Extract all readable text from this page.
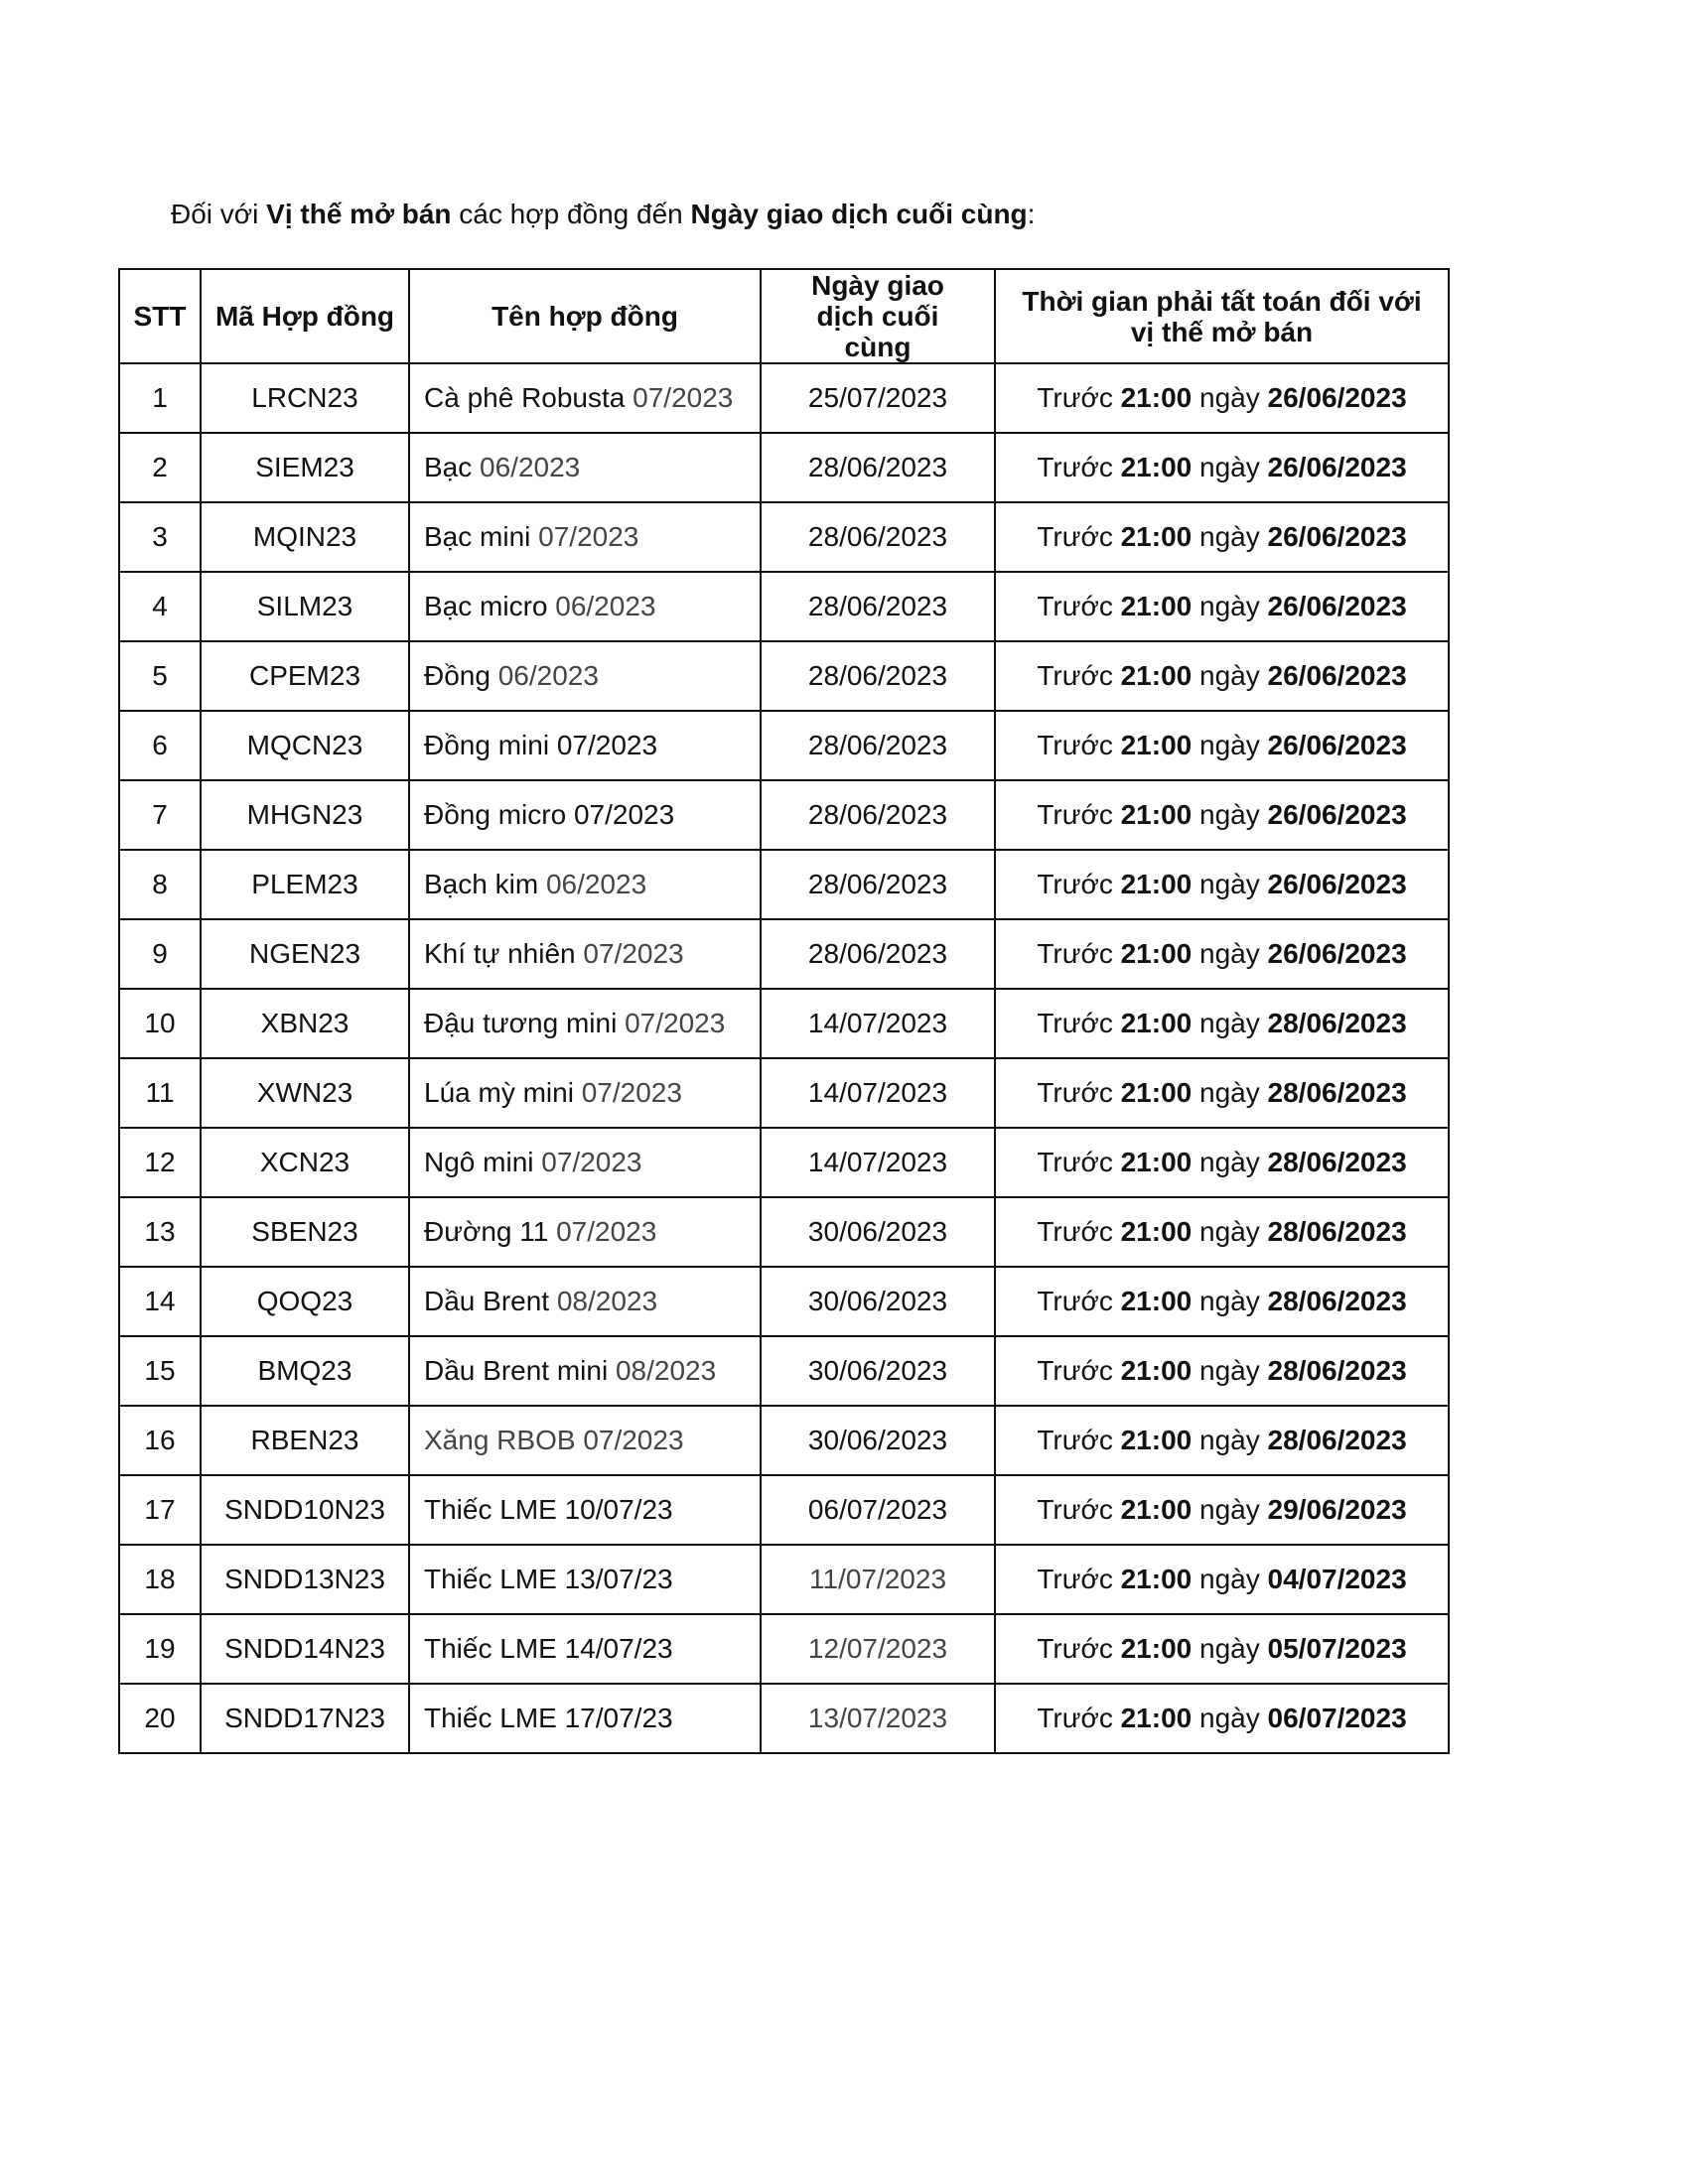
Đối với Vị thế mở bán các hợp đồng đến Ngày giao dịch cuối cùng:
STT	Mã Hợp đồng	Tên hợp đồng	Ngày giao dịch cuối cùng	Thời gian phải tất toán đối với vị thế mở bán
1	LRCN23	Cà phê Robusta 07/2023	25/07/2023	Trước 21:00 ngày 26/06/2023
2	SIEM23	Bạc 06/2023	28/06/2023	Trước 21:00 ngày 26/06/2023
3	MQIN23	Bạc mini 07/2023	28/06/2023	Trước 21:00 ngày 26/06/2023
4	SILM23	Bạc micro 06/2023	28/06/2023	Trước 21:00 ngày 26/06/2023
5	CPEM23	Đồng 06/2023	28/06/2023	Trước 21:00 ngày 26/06/2023
6	MQCN23	Đồng mini 07/2023	28/06/2023	Trước 21:00 ngày 26/06/2023
7	MHGN23	Đồng micro 07/2023	28/06/2023	Trước 21:00 ngày 26/06/2023
8	PLEM23	Bạch kim 06/2023	28/06/2023	Trước 21:00 ngày 26/06/2023
9	NGEN23	Khí tự nhiên 07/2023	28/06/2023	Trước 21:00 ngày 26/06/2023
10	XBN23	Đậu tương mini 07/2023	14/07/2023	Trước 21:00 ngày 28/06/2023
11	XWN23	Lúa mỳ mini 07/2023	14/07/2023	Trước 21:00 ngày 28/06/2023
12	XCN23	Ngô mini 07/2023	14/07/2023	Trước 21:00 ngày 28/06/2023
13	SBEN23	Đường 11 07/2023	30/06/2023	Trước 21:00 ngày 28/06/2023
14	QOQ23	Dầu Brent 08/2023	30/06/2023	Trước 21:00 ngày 28/06/2023
15	BMQ23	Dầu Brent mini 08/2023	30/06/2023	Trước 21:00 ngày 28/06/2023
16	RBEN23	Xăng RBOB 07/2023	30/06/2023	Trước 21:00 ngày 28/06/2023
17	SNDD10N23	Thiếc LME 10/07/23	06/07/2023	Trước 21:00 ngày 29/06/2023
18	SNDD13N23	Thiếc LME 13/07/23	11/07/2023	Trước 21:00 ngày 04/07/2023
19	SNDD14N23	Thiếc LME 14/07/23	12/07/2023	Trước 21:00 ngày 05/07/2023
20	SNDD17N23	Thiếc LME 17/07/23	13/07/2023	Trước 21:00 ngày 06/07/2023
